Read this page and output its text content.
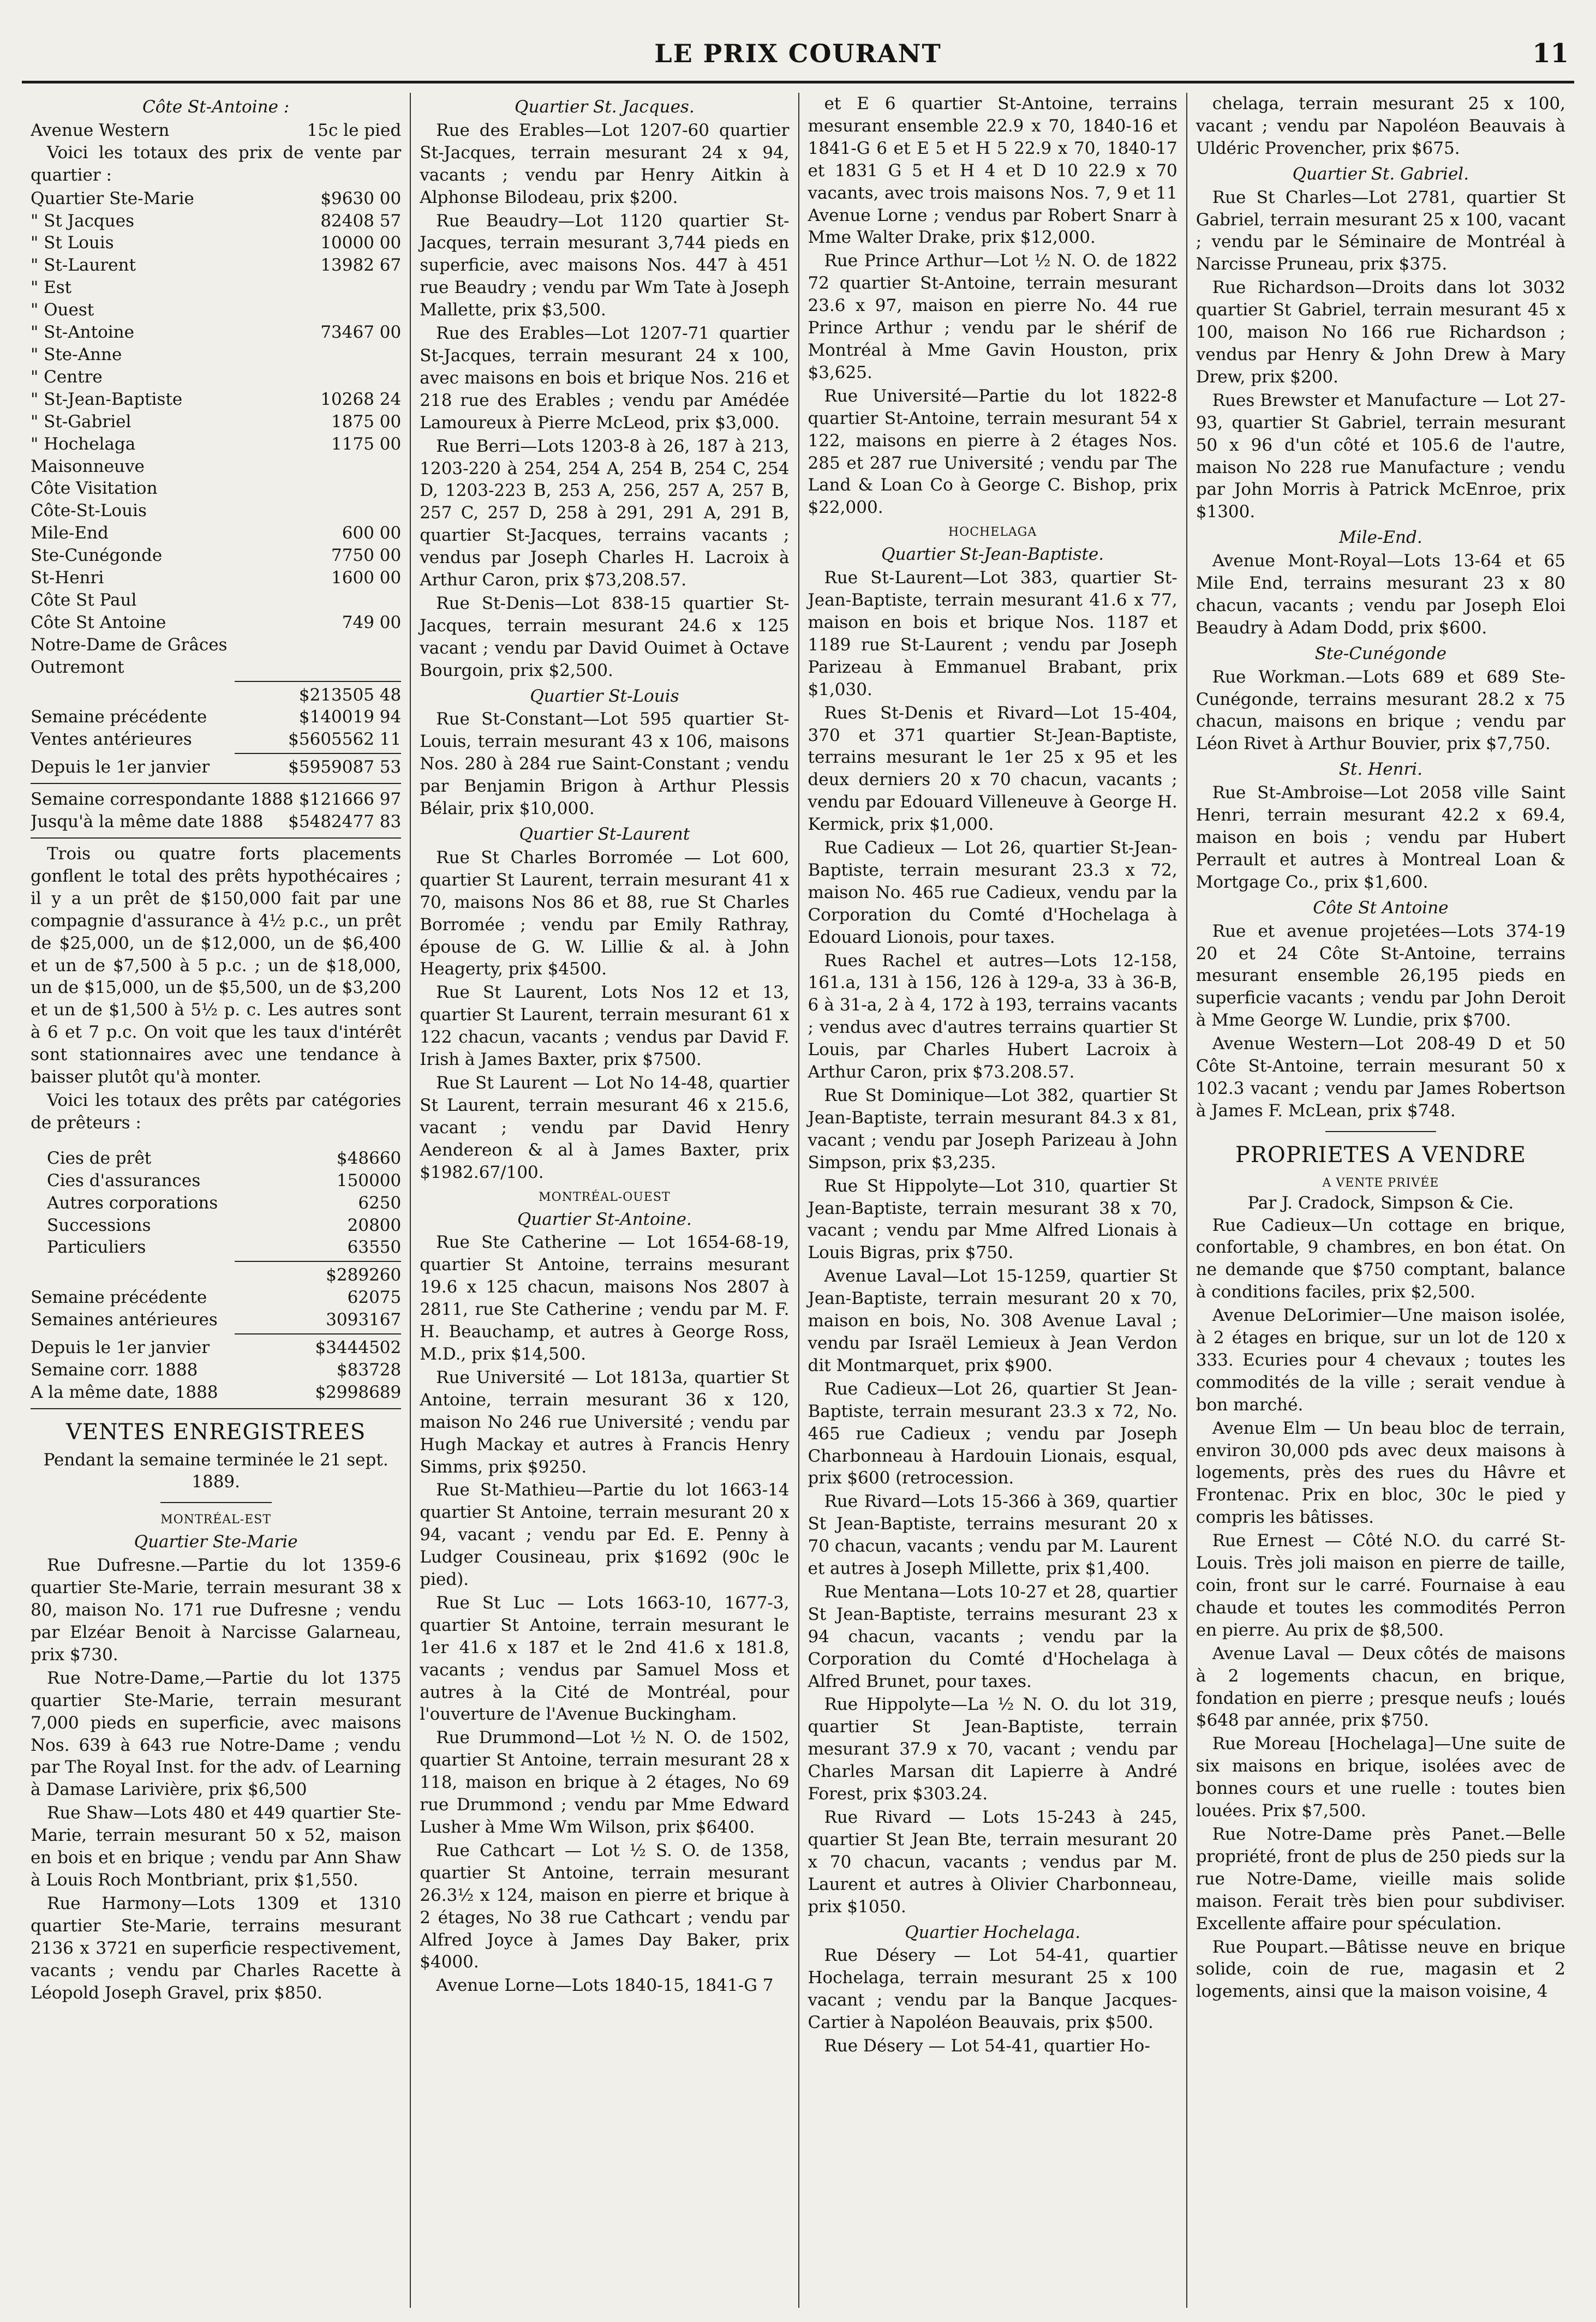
LE PRIX COURANT	11
Côte St-Antoine :
Avenue Western	15c le pied

Voici les totaux des prix de vente par quartier :

Quartier Ste-Marie	$9630 00
" St Jacques	82408 57
" St Louis	10000 00
" St-Laurent	13982 67
" Est
" Ouest
" St-Antoine	73467 00
" Ste-Anne
" Centre
" St-Jean-Baptiste	10268 24
" St-Gabriel	1875 00
" Hochelaga	1175 00
Maisonneuve
Côte Visitation
Côte-St-Louis
Mile-End	600 00
Ste-Cunégonde	7750 00
St-Henri	1600 00
Côte St Paul
Côte St Antoine	749 00
Notre-Dame de Grâces
Outremont
$213505 48
Semaine précédente	$140019 94
Ventes antérieures	$5605562 11
Depuis le 1er janvier	$5959087 53
Semaine correspondante 1888 $121666 97
Jusqu'à la même date 1888	$5482477 83

Trois ou quatre forts placements gonflent le total des prêts hypothécaires ; il y a un prêt de $150,000 fait par une compagnie d'assurance à 4½ p.c., un prêt de $25,000, un de $12,000, un de $6,400 et un de $7,500 à 5 p.c. ; un de $18,000, un de $15,000, un de $5,500, un de $3,200 et un de $1,500 à 5½ p. c. Les autres sont à 6 et 7 p.c. On voit que les taux d'intérêt sont stationnaires avec une tendance à baisser plutôt qu'à monter.

Voici les totaux des prêts par catégories de prêteurs :

Cies de prêt	$48660
Cies d'assurances	150000
Autres corporations	6250
Successions	20800
Particuliers	63550
$289260
Semaine précédente	62075
Semaines antérieures	3093167
Depuis le 1er janvier	$3444502
Semaine corr. 1888	$83728
A la même date, 1888	$2998689
VENTES ENREGISTREES
Pendant la semaine terminée le 21 sept. 1889.
MONTRÉAL-EST
Quartier Ste-Marie

Rue Dufresne.—Partie du lot 1359-6 quartier Ste-Marie, terrain mesurant 38 x 80, maison No. 171 rue Dufresne ; vendu par Elzéar Benoit à Narcisse Galarneau, prix $730.

Rue Notre-Dame,—Partie du lot 1375 quartier Ste-Marie, terrain mesurant 7,000 pieds en superficie, avec maisons Nos. 639 à 643 rue Notre-Dame ; vendu par The Royal Inst. for the adv. of Learning à Damase Larivière, prix $6,500

Rue Shaw—Lots 480 et 449 quartier Ste-Marie, terrain mesurant 50 x 52, maison en bois et en brique ; vendu par Ann Shaw à Louis Roch Montbriant, prix $1,550.

Rue Harmony—Lots 1309 et 1310 quartier Ste-Marie, terrains mesurant 2136 x 3721 en superficie respectivement, vacants ; vendu par Charles Racette à Léopold Joseph Gravel, prix $850.

Quartier St. Jacques.

Rue des Erables—Lot 1207-60 quartier St-Jacques, terrain mesurant 24 x 94, vacants ; vendu par Henry Aitkin à Alphonse Bilodeau, prix $200.

Rue Beaudry—Lot 1120 quartier St-Jacques, terrain mesurant 3,744 pieds en superficie, avec maisons Nos. 447 à 451 rue Beaudry ; vendu par Wm Tate à Joseph Mallette, prix $3,500.

Rue des Erables—Lot 1207-71 quartier St-Jacques, terrain mesurant 24 x 100, avec maisons en bois et brique Nos. 216 et 218 rue des Erables ; vendu par Amédée Lamoureux à Pierre McLeod, prix $3,000.

Rue Berri—Lots 1203-8 à 26, 187 à 213, 1203-220 à 254, 254 A, 254 B, 254 C, 254 D, 1203-223 B, 253 A, 256, 257 A, 257 B, 257 C, 257 D, 258 à 291, 291 A, 291 B, quartier St-Jacques, terrains vacants ; vendus par Joseph Charles H. Lacroix à Arthur Caron, prix $73,208.57.

Rue St-Denis—Lot 838-15 quartier St-Jacques, terrain mesurant 24.6 x 125 vacant ; vendu par David Ouimet à Octave Bourgoin, prix $2,500.

Quartier St-Louis

Rue St-Constant—Lot 595 quartier St-Louis, terrain mesurant 43 x 106, maisons Nos. 280 à 284 rue Saint-Constant ; vendu par Benjamin Brigon à Arthur Plessis Bélair, prix $10,000.

Quartier St-Laurent

Rue St Charles Borromée — Lot 600, quartier St Laurent, terrain mesurant 41 x 70, maisons Nos 86 et 88, rue St Charles Borromée ; vendu par Emily Rathray, épouse de G. W. Lillie & al. à John Heagerty, prix $4500.

Rue St Laurent, Lots Nos 12 et 13, quartier St Laurent, terrain mesurant 61 x 122 chacun, vacants ; vendus par David F. Irish à James Baxter, prix $7500.

Rue St Laurent — Lot No 14-48, quartier St Laurent, terrain mesurant 46 x 215.6, vacant ; vendu par David Henry Aendereon & al à James Baxter, prix $1982.67/100.

MONTRÉAL-OUEST
Quartier St-Antoine.

Rue Ste Catherine — Lot 1654-68-19, quartier St Antoine, terrains mesurant 19.6 x 125 chacun, maisons Nos 2807 à 2811, rue Ste Catherine ; vendu par M. F. H. Beauchamp, et autres à George Ross, M.D., prix $14,500.

Rue Université — Lot 1813a, quartier St Antoine, terrain mesurant 36 x 120, maison No 246 rue Université ; vendu par Hugh Mackay et autres à Francis Henry Simms, prix $9250.

Rue St-Mathieu—Partie du lot 1663-14 quartier St Antoine, terrain mesurant 20 x 94, vacant ; vendu par Ed. E. Penny à Ludger Cousineau, prix $1692 (90c le pied).

Rue St Luc — Lots 1663-10, 1677-3, quartier St Antoine, terrain mesurant le 1er 41.6 x 187 et le 2nd 41.6 x 181.8, vacants ; vendus par Samuel Moss et autres à la Cité de Montréal, pour l'ouverture de l'Avenue Buckingham.

Rue Drummond—Lot ½ N. O. de 1502, quartier St Antoine, terrain mesurant 28 x 118, maison en brique à 2 étages, No 69 rue Drummond ; vendu par Mme Edward Lusher à Mme Wm Wilson, prix $6400.

Rue Cathcart — Lot ½ S. O. de 1358, quartier St Antoine, terrain mesurant 26.3½ x 124, maison en pierre et brique à 2 étages, No 38 rue Cathcart ; vendu par Alfred Joyce à James Day Baker, prix $4000.

Avenue Lorne—Lots 1840-15, 1841-G 7

et E 6 quartier St-Antoine, terrains mesurant ensemble 22.9 x 70, 1840-16 et 1841-G 6 et E 5 et H 5 22.9 x 70, 1840-17 et 1831 G 5 et H 4 et D 10 22.9 x 70 vacants, avec trois maisons Nos. 7, 9 et 11 Avenue Lorne ; vendus par Robert Snarr à Mme Walter Drake, prix $12,000.

Rue Prince Arthur—Lot ½ N. O. de 1822 72 quartier St-Antoine, terrain mesurant 23.6 x 97, maison en pierre No. 44 rue Prince Arthur ; vendu par le shérif de Montréal à Mme Gavin Houston, prix $3,625.

Rue Université—Partie du lot 1822-8 quartier St-Antoine, terrain mesurant 54 x 122, maisons en pierre à 2 étages Nos. 285 et 287 rue Université ; vendu par The Land & Loan Co à George C. Bishop, prix $22,000.

HOCHELAGA
Quartier St-Jean-Baptiste.

Rue St-Laurent—Lot 383, quartier St-Jean-Baptiste, terrain mesurant 41.6 x 77, maison en bois et brique Nos. 1187 et 1189 rue St-Laurent ; vendu par Joseph Parizeau à Emmanuel Brabant, prix $1,030.

Rues St-Denis et Rivard—Lot 15-404, 370 et 371 quartier St-Jean-Baptiste, terrains mesurant le 1er 25 x 95 et les deux derniers 20 x 70 chacun, vacants ; vendu par Edouard Villeneuve à George H. Kermick, prix $1,000.

Rue Cadieux — Lot 26, quartier St-Jean-Baptiste, terrain mesurant 23.3 x 72, maison No. 465 rue Cadieux, vendu par la Corporation du Comté d'Hochelaga à Edouard Lionois, pour taxes.

Rues Rachel et autres—Lots 12-158, 161.a, 131 à 156, 126 à 129-a, 33 à 36-B, 6 à 31-a, 2 à 4, 172 à 193, terrains vacants ; vendus avec d'autres terrains quartier St Louis, par Charles Hubert Lacroix à Arthur Caron, prix $73.208.57.

Rue St Dominique—Lot 382, quartier St Jean-Baptiste, terrain mesurant 84.3 x 81, vacant ; vendu par Joseph Parizeau à John Simpson, prix $3,235.

Rue St Hippolyte—Lot 310, quartier St Jean-Baptiste, terrain mesurant 38 x 70, vacant ; vendu par Mme Alfred Lionais à Louis Bigras, prix $750.

Avenue Laval—Lot 15-1259, quartier St Jean-Baptiste, terrain mesurant 20 x 70, maison en bois, No. 308 Avenue Laval ; vendu par Israël Lemieux à Jean Verdon dit Montmarquet, prix $900.

Rue Cadieux—Lot 26, quartier St Jean-Baptiste, terrain mesurant 23.3 x 72, No. 465 rue Cadieux ; vendu par Joseph Charbonneau à Hardouin Lionais, esqual, prix $600 (retrocession.

Rue Rivard—Lots 15-366 à 369, quartier St Jean-Baptiste, terrains mesurant 20 x 70 chacun, vacants ; vendu par M. Laurent et autres à Joseph Millette, prix $1,400.

Rue Mentana—Lots 10-27 et 28, quartier St Jean-Baptiste, terrains mesurant 23 x 94 chacun, vacants ; vendu par la Corporation du Comté d'Hochelaga à Alfred Brunet, pour taxes.

Rue Hippolyte—La ½ N. O. du lot 319, quartier St Jean-Baptiste, terrain mesurant 37.9 x 70, vacant ; vendu par Charles Marsan dit Lapierre à André Forest, prix $303.24.

Rue Rivard — Lots 15-243 à 245, quartier St Jean Bte, terrain mesurant 20 x 70 chacun, vacants ; vendus par M. Laurent et autres à Olivier Charbonneau, prix $1050.

Quartier Hochelaga.

Rue Désery — Lot 54-41, quartier Hochelaga, terrain mesurant 25 x 100 vacant ; vendu par la Banque Jacques-Cartier à Napoléon Beauvais, prix $500.

Rue Désery — Lot 54-41, quartier Ho-

chelaga, terrain mesurant 25 x 100, vacant ; vendu par Napoléon Beauvais à Uldéric Provencher, prix $675.

Quartier St. Gabriel.

Rue St Charles—Lot 2781, quartier St Gabriel, terrain mesurant 25 x 100, vacant ; vendu par le Séminaire de Montréal à Narcisse Pruneau, prix $375.

Rue Richardson—Droits dans lot 3032 quartier St Gabriel, terrain mesurant 45 x 100, maison No 166 rue Richardson ; vendus par Henry & John Drew à Mary Drew, prix $200.

Rues Brewster et Manufacture — Lot 27-93, quartier St Gabriel, terrain mesurant 50 x 96 d'un côté et 105.6 de l'autre, maison No 228 rue Manufacture ; vendu par John Morris à Patrick McEnroe, prix $1300.

Mile-End.

Avenue Mont-Royal—Lots 13-64 et 65 Mile End, terrains mesurant 23 x 80 chacun, vacants ; vendu par Joseph Eloi Beaudry à Adam Dodd, prix $600.

Ste-Cunégonde

Rue Workman.—Lots 689 et 689 Ste-Cunégonde, terrains mesurant 28.2 x 75 chacun, maisons en brique ; vendu par Léon Rivet à Arthur Bouvier, prix $7,750.

St. Henri.

Rue St-Ambroise—Lot 2058 ville Saint Henri, terrain mesurant 42.2 x 69.4, maison en bois ; vendu par Hubert Perrault et autres à Montreal Loan & Mortgage Co., prix $1,600.

Côte St Antoine

Rue et avenue projetées—Lots 374-19 20 et 24 Côte St-Antoine, terrains mesurant ensemble 26,195 pieds en superficie vacants ; vendu par John Deroit à Mme George W. Lundie, prix $700.

Avenue Western—Lot 208-49 D et 50 Côte St-Antoine, terrain mesurant 50 x 102.3 vacant ; vendu par James Robertson à James F. McLean, prix $748.

PROPRIETES A VENDRE
A VENTE PRIVÉE
Par J. Cradock, Simpson & Cie.

Rue Cadieux—Un cottage en brique, confortable, 9 chambres, en bon état. On ne demande que $750 comptant, balance à conditions faciles, prix $2,500.

Avenue DeLorimier—Une maison isolée, à 2 étages en brique, sur un lot de 120 x 333. Ecuries pour 4 chevaux ; toutes les commodités de la ville ; serait vendue à bon marché.

Avenue Elm — Un beau bloc de terrain, environ 30,000 pds avec deux maisons à logements, près des rues du Hâvre et Frontenac. Prix en bloc, 30c le pied y compris les bâtisses.

Rue Ernest — Côté N.O. du carré St-Louis. Très joli maison en pierre de taille, coin, front sur le carré. Fournaise à eau chaude et toutes les commodités Perron en pierre. Au prix de $8,500.

Avenue Laval — Deux côtés de maisons à 2 logements chacun, en brique, fondation en pierre ; presque neufs ; loués $648 par année, prix $750.

Rue Moreau [Hochelaga]—Une suite de six maisons en brique, isolées avec de bonnes cours et une ruelle : toutes bien louées. Prix $7,500.

Rue Notre-Dame près Panet.—Belle propriété, front de plus de 250 pieds sur la rue Notre-Dame, vieille mais solide maison. Ferait très bien pour subdiviser. Excellente affaire pour spéculation.

Rue Poupart.—Bâtisse neuve en brique solide, coin de rue, magasin et 2 logements, ainsi que la maison voisine, 4
